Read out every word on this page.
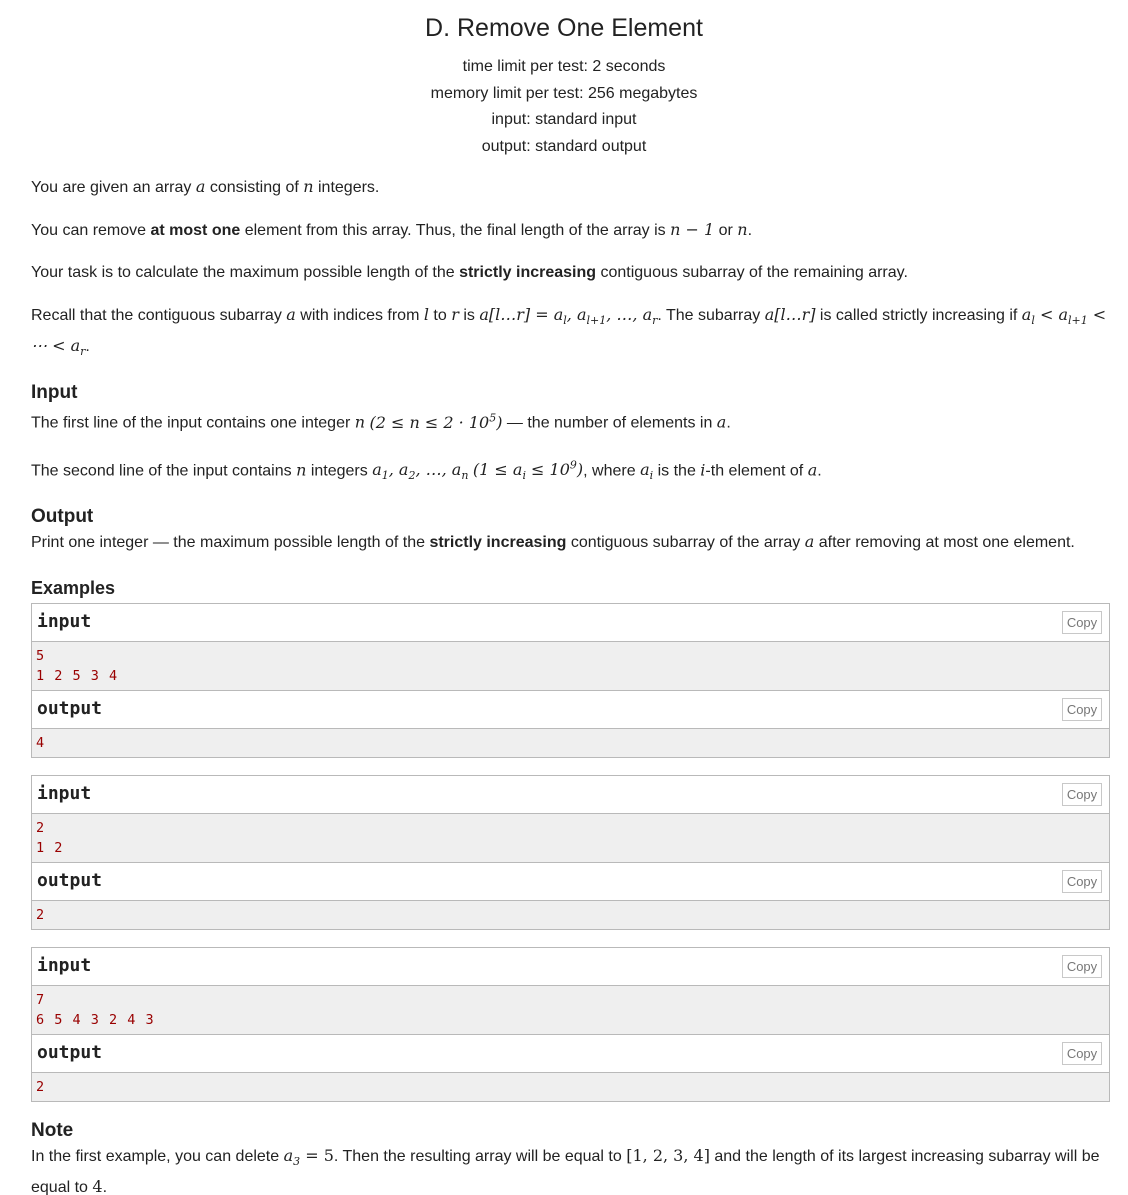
D. Remove One Element
time limit per test: 2 seconds
memory limit per test: 256 megabytes
input: standard input
output: standard output

You are given an array a consisting of n integers.

You can remove at most one element from this array. Thus, the final length of the array is n − 1 or n.

Your task is to calculate the maximum possible length of the strictly increasing contiguous subarray of the remaining array.

Recall that the contiguous subarray a with indices from l to r is a[l…r] = $a_l$, $a_{l+1}$, …, $a_r$. The subarray a[l…r] is called strictly increasing if $a_l < a_{l+1}$ < ⋯ < $a_r$.

Input

The first line of the input contains one integer n $(2 \le n \le 2 \cdot 10^5)$ — the number of elements in a.

The second line of the input contains n integers $a_1$, $a_2$, …, $a_n$ $(1 \le a_i \le 10^9)$, where $a_i$ is the i-th element of a.

Output

Print one integer — the maximum possible length of the strictly increasing contiguous subarray of the array a after removing at most one element.

Examples
input	Copy
5
1 2 5 3 4
output	Copy
4
input	Copy
2
1 2
output	Copy
2
input	Copy
7
6 5 4 3 2 4 3
output	Copy
2
Note

In the first example, you can delete $a_3 = 5$. Then the resulting array will be equal to [1, 2, 3, 4] and the length of its largest increasing subarray will be equal to 4.
